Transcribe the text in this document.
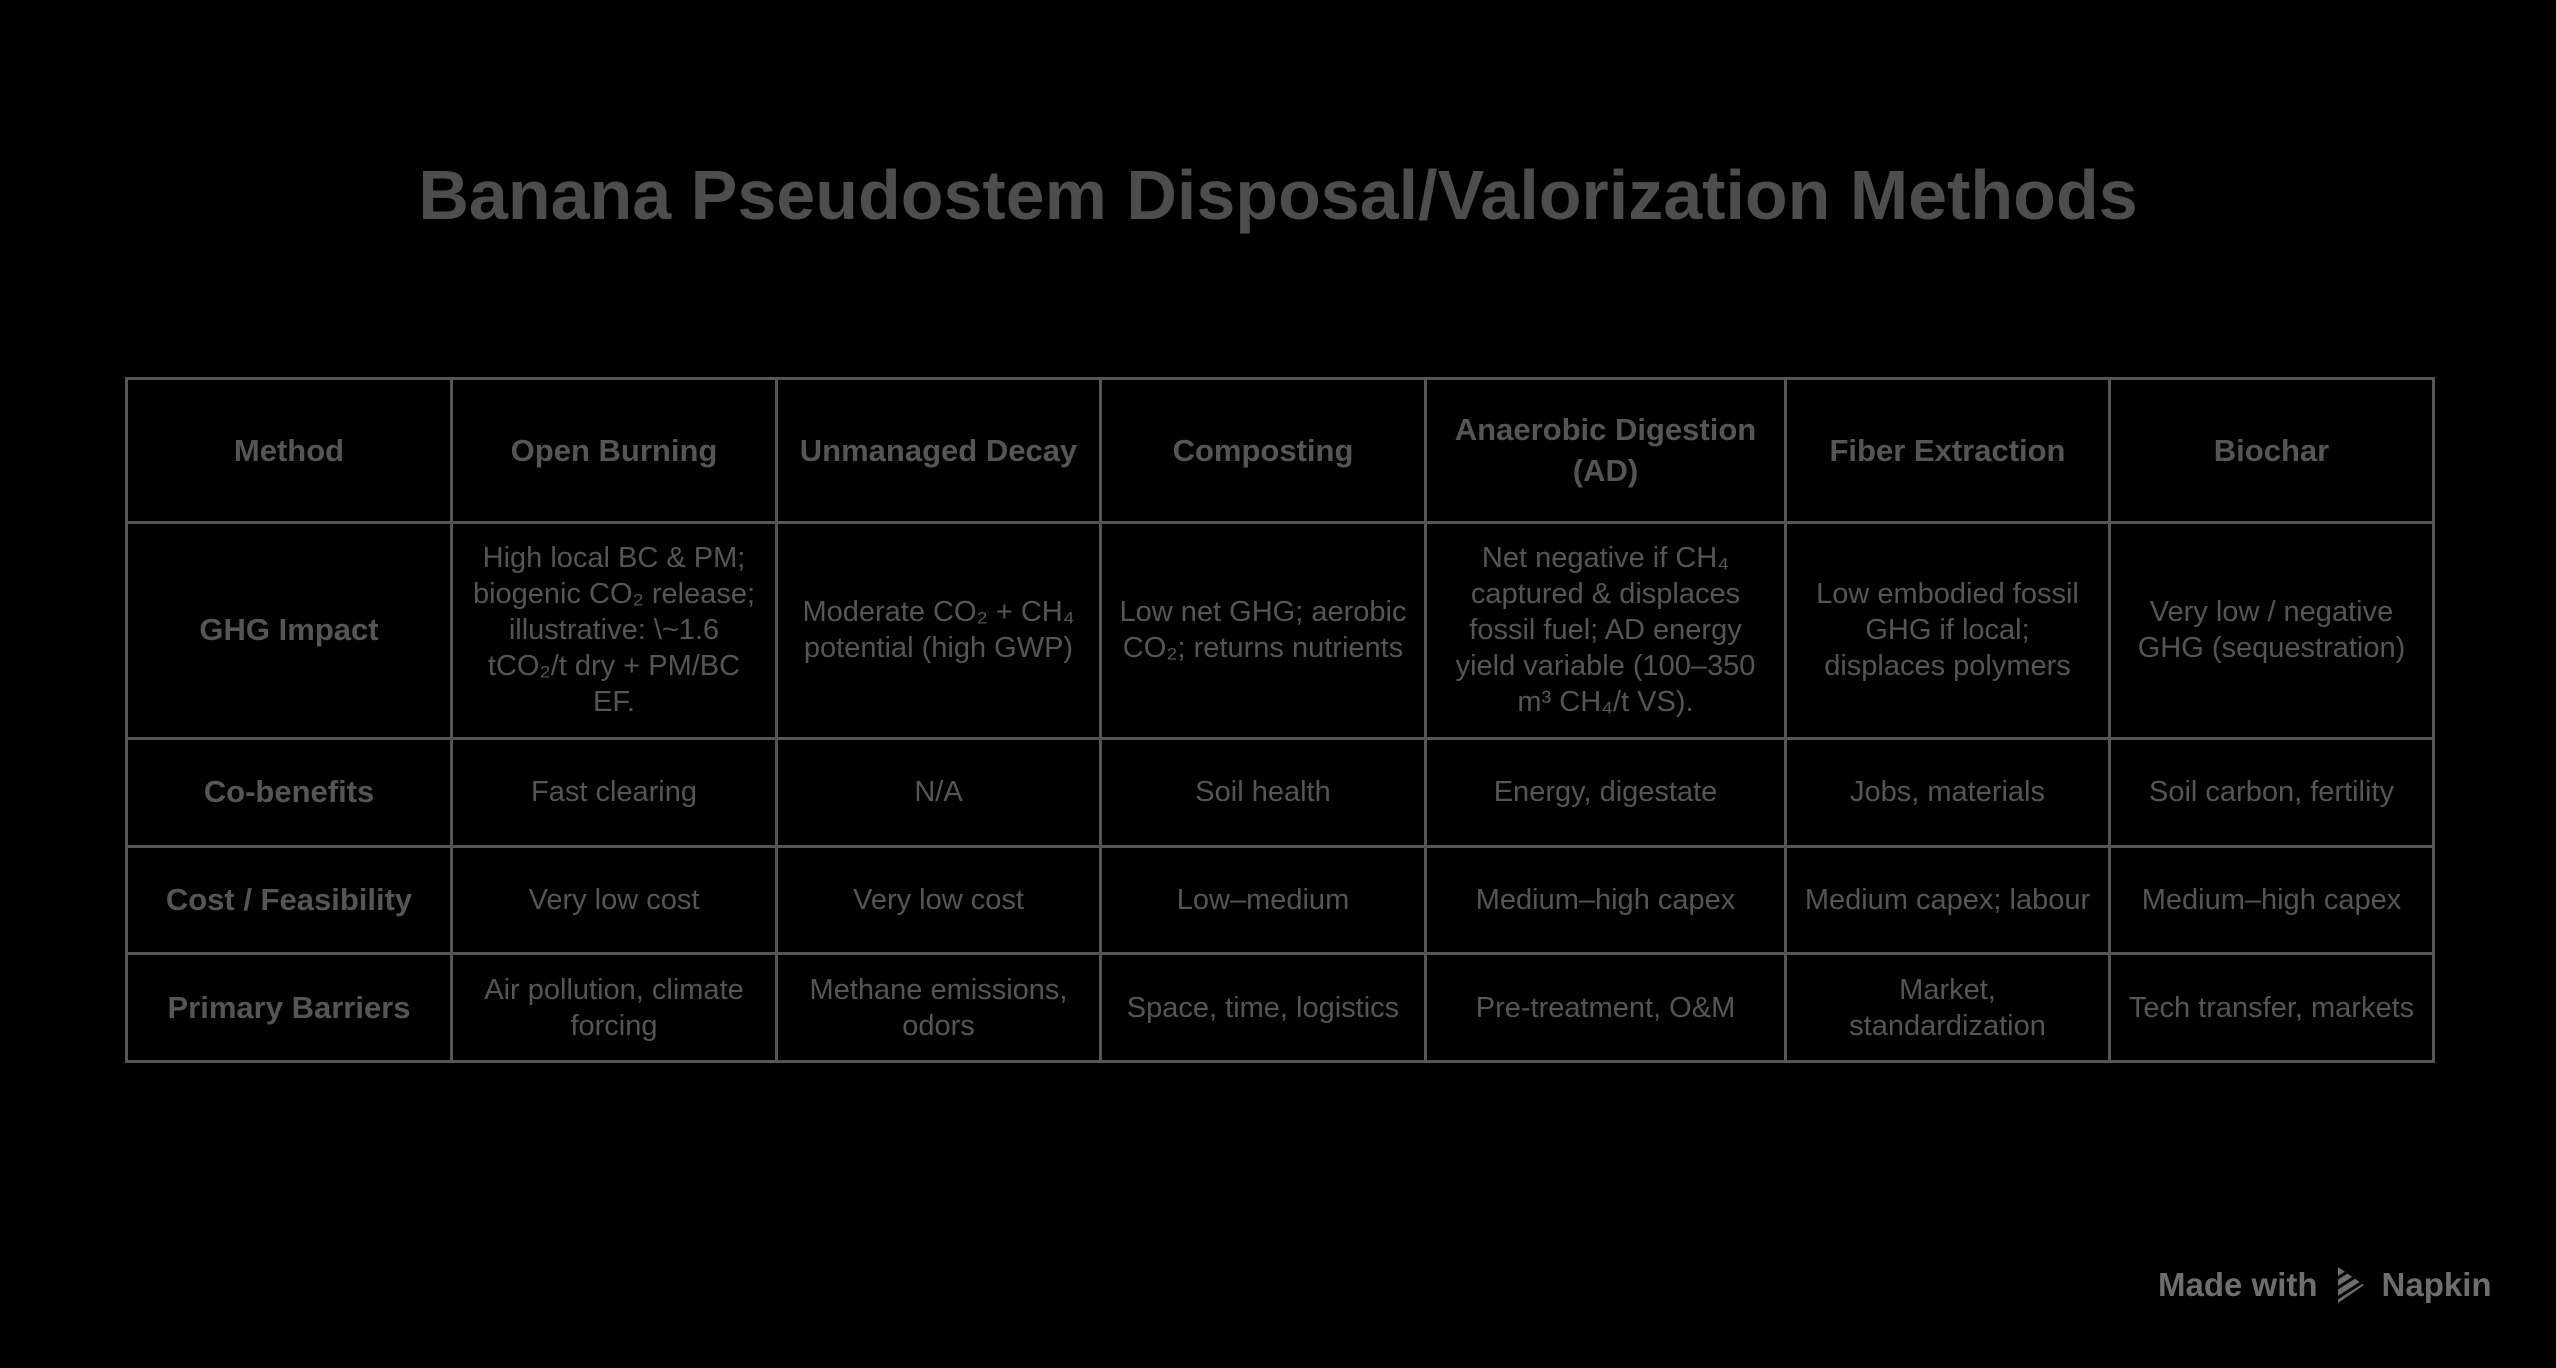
Banana Pseudostem Disposal/Valorization Methods
Method	Open Burning	Unmanaged Decay	Composting	Anaerobic Digestion (AD)	Fiber Extraction	Biochar
GHG Impact	High local BC & PM; biogenic CO₂ release; illustrative: \~1.6 tCO₂/t dry + PM/BC EF.	Moderate CO₂ + CH₄ potential (high GWP)	Low net GHG; aerobic CO₂; returns nutrients	Net negative if CH₄ captured & displaces fossil fuel; AD energy yield variable (100–350 m³ CH₄/t VS).	Low embodied fossil GHG if local; displaces polymers	Very low / negative GHG (sequestration)
Co-benefits	Fast clearing	N/A	Soil health	Energy, digestate	Jobs, materials	Soil carbon, fertility
Cost / Feasibility	Very low cost	Very low cost	Low–medium	Medium–high capex	Medium capex; labour	Medium–high capex
Primary Barriers	Air pollution, climate forcing	Methane emissions, odors	Space, time, logistics	Pre-treatment, O&M	Market, standardization	Tech transfer, markets
Made with Napkin
